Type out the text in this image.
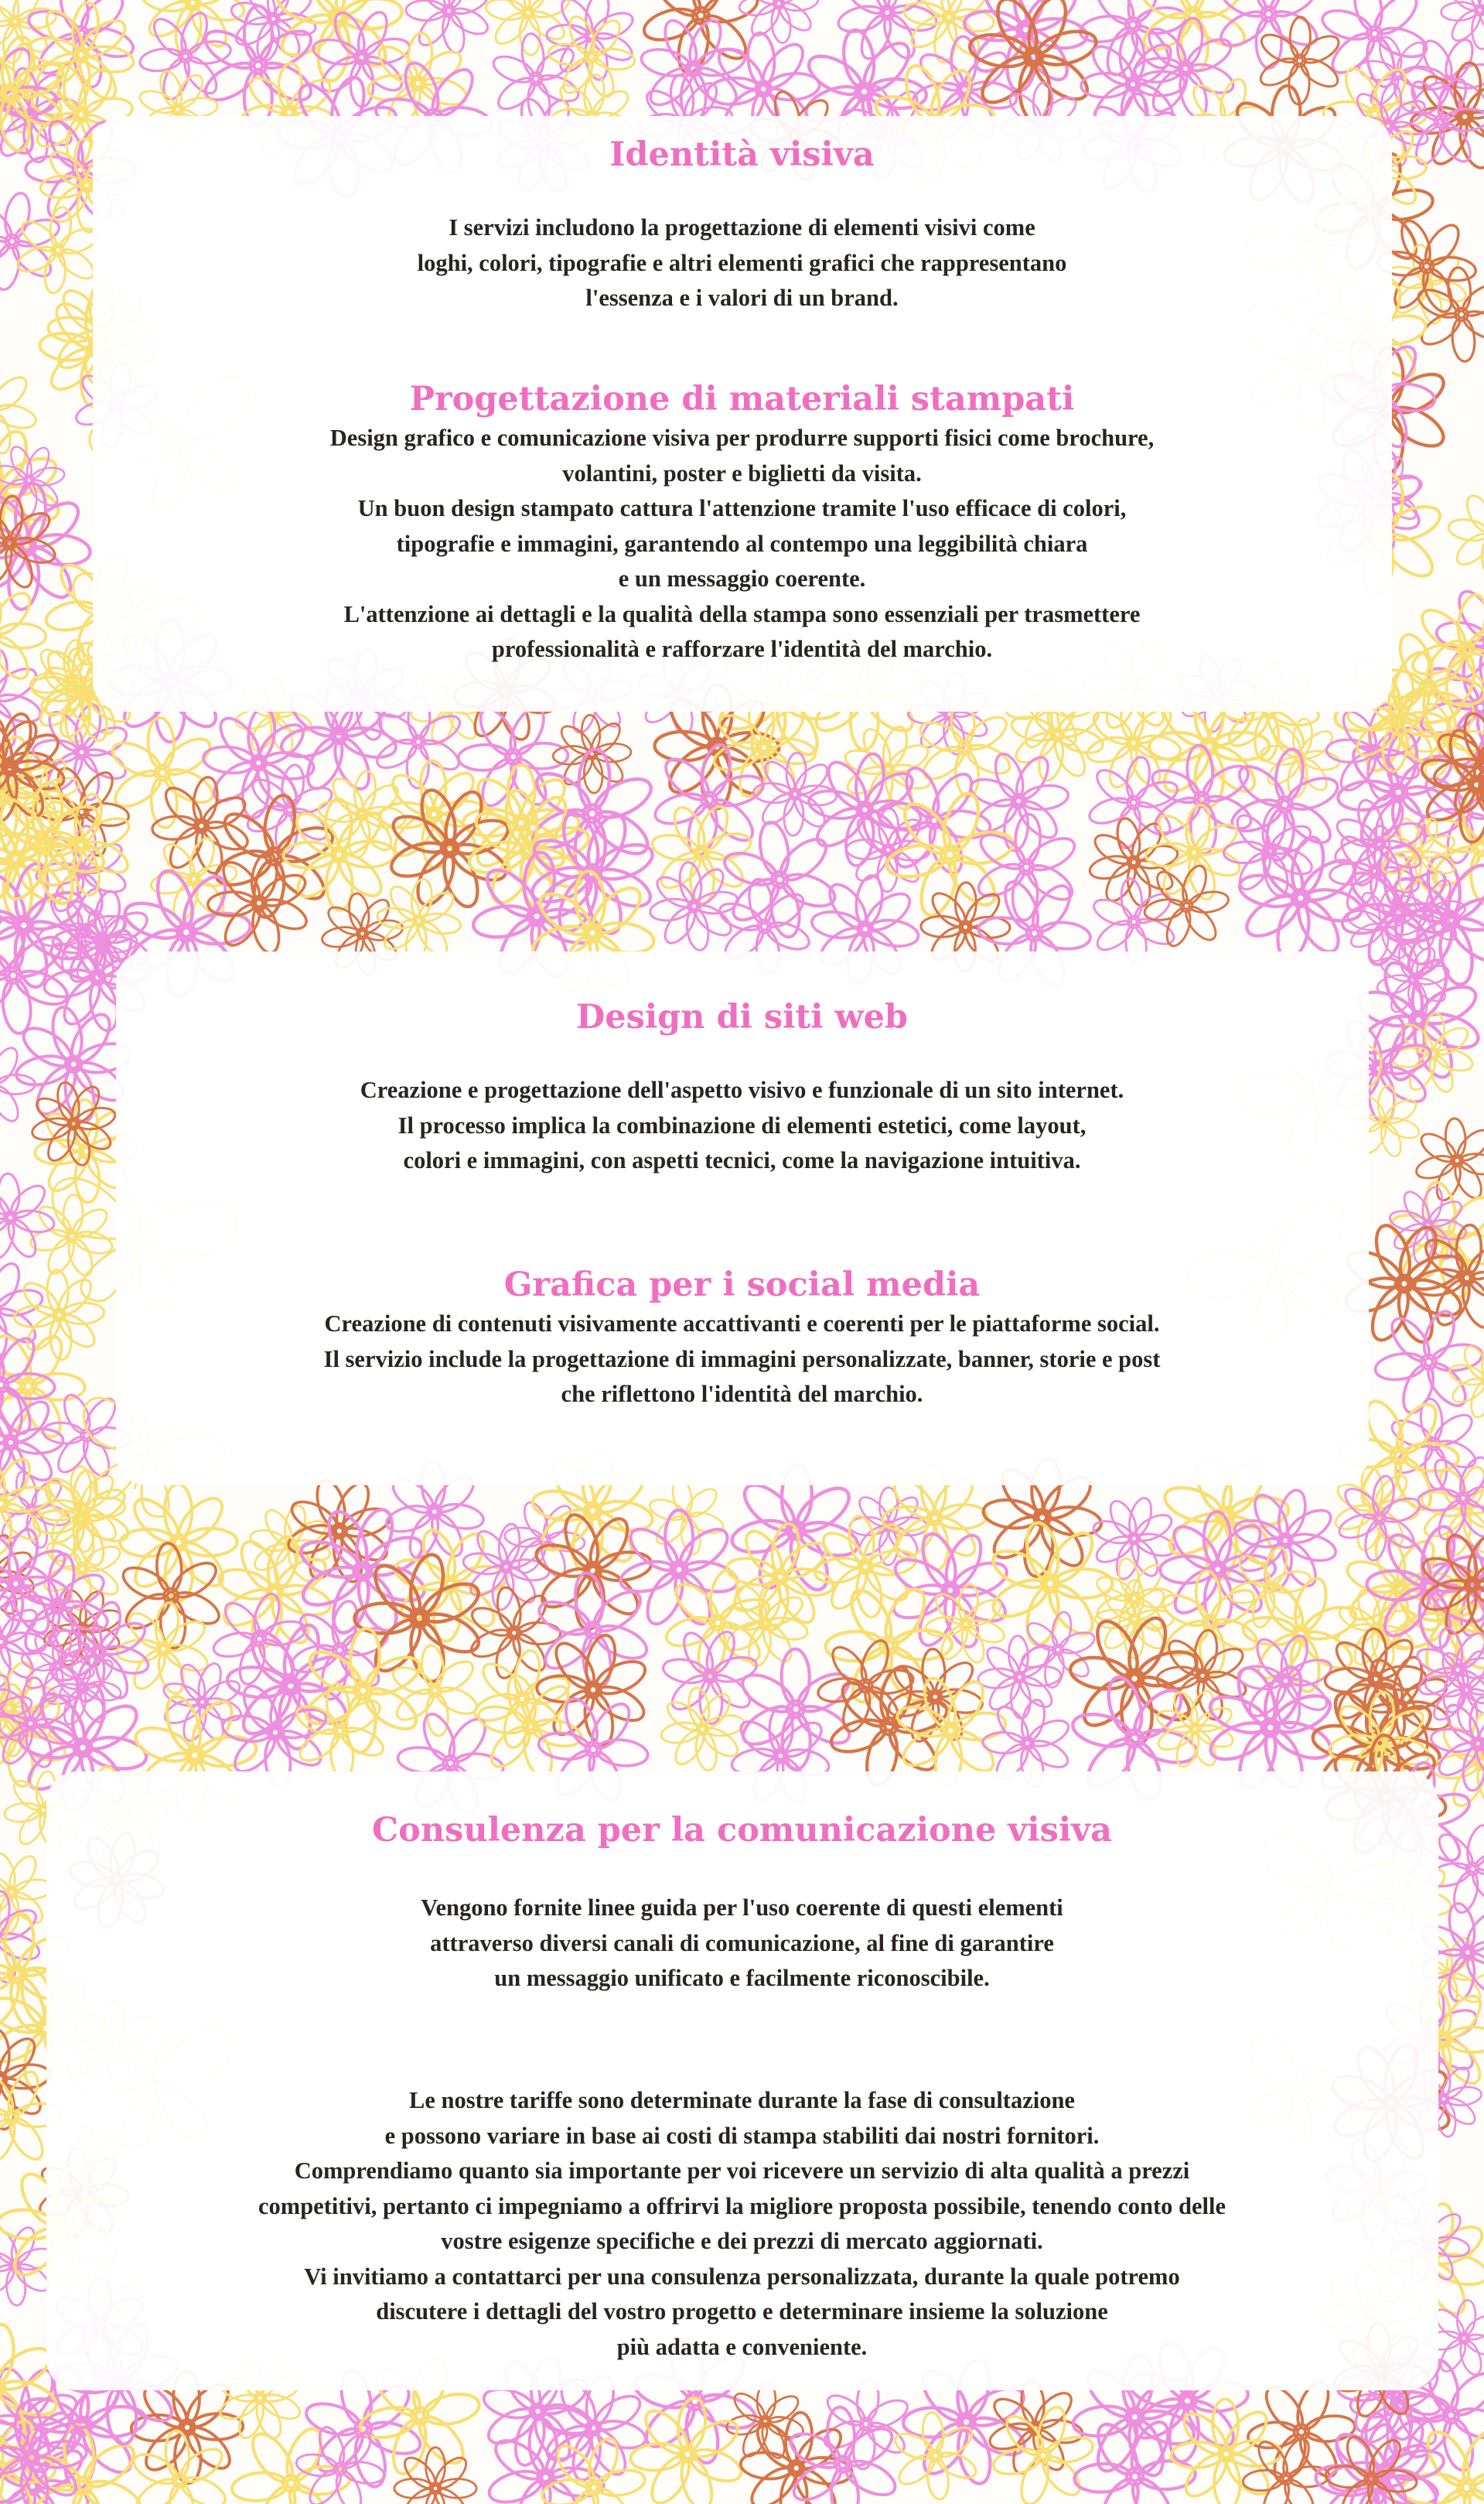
Identità visiva
I servizi includono la progettazione di elementi visivi come
loghi, colori, tipografie e altri elementi grafici che rappresentano
l'essenza e i valori di un brand.
Progettazione di materiali stampati
Design grafico e comunicazione visiva per produrre supporti fisici come brochure,
volantini, poster e biglietti da visita.
Un buon design stampato cattura l'attenzione tramite l'uso efficace di colori,
tipografie e immagini, garantendo al contempo una leggibilità chiara
e un messaggio coerente.
L'attenzione ai dettagli e la qualità della stampa sono essenziali per trasmettere
professionalità e rafforzare l'identità del marchio.
Design di siti web
Creazione e progettazione dell'aspetto visivo e funzionale di un sito internet.
Il processo implica la combinazione di elementi estetici, come layout,
colori e immagini, con aspetti tecnici, come la navigazione intuitiva.
Grafica per i social media
Creazione di contenuti visivamente accattivanti e coerenti per le piattaforme social.
Il servizio include la progettazione di immagini personalizzate, banner, storie e post
che riflettono l'identità del marchio.
Consulenza per la comunicazione visiva
Vengono fornite linee guida per l'uso coerente di questi elementi
attraverso diversi canali di comunicazione, al fine di garantire
un messaggio unificato e facilmente riconoscibile.
Le nostre tariffe sono determinate durante la fase di consultazione
e possono variare in base ai costi di stampa stabiliti dai nostri fornitori.
Comprendiamo quanto sia importante per voi ricevere un servizio di alta qualità a prezzi
competitivi, pertanto ci impegniamo a offrirvi la migliore proposta possibile, tenendo conto delle
vostre esigenze specifiche e dei prezzi di mercato aggiornati.
Vi invitiamo a contattarci per una consulenza personalizzata, durante la quale potremo
discutere i dettagli del vostro progetto e determinare insieme la soluzione
più adatta e conveniente.
